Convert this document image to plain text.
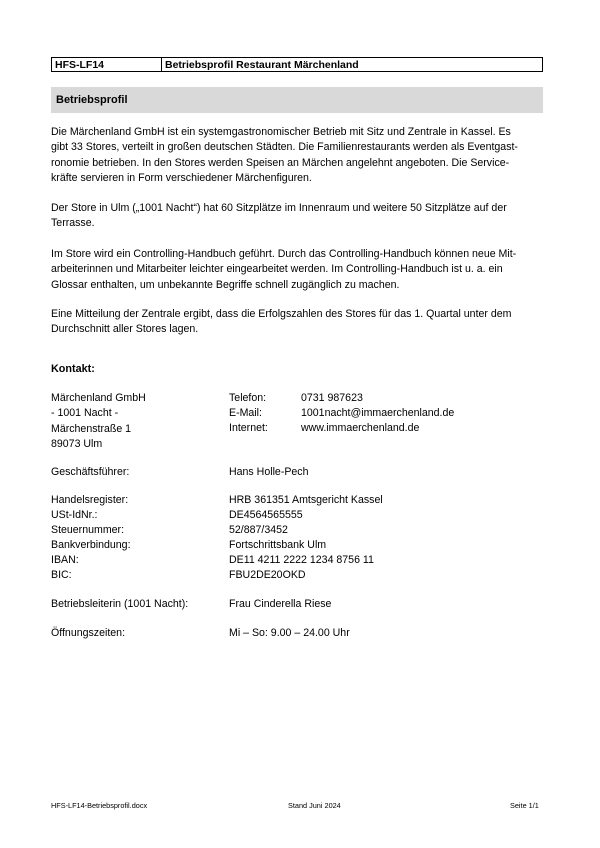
HFS-LF14	Betriebsprofil Restaurant Märchenland
Betriebsprofil
Die Märchenland GmbH ist ein systemgastronomischer Betrieb mit Sitz und Zentrale in Kassel. Es
gibt 33 Stores, verteilt in großen deutschen Städten. Die Familienrestaurants werden als Eventgast-
ronomie betrieben. In den Stores werden Speisen an Märchen angelehnt angeboten. Die Service-
kräfte servieren in Form verschiedener Märchenfiguren.
Der Store in Ulm („1001 Nacht“) hat 60 Sitzplätze im Innenraum und weitere 50 Sitzplätze auf der
Terrasse.
Im Store wird ein Controlling-Handbuch geführt. Durch das Controlling-Handbuch können neue Mit-
arbeiterinnen und Mitarbeiter leichter eingearbeitet werden. Im Controlling-Handbuch ist u. a. ein
Glossar enthalten, um unbekannte Begriffe schnell zugänglich zu machen.
Eine Mitteilung der Zentrale ergibt, dass die Erfolgszahlen des Stores für das 1. Quartal unter dem
Durchschnitt aller Stores lagen.
Kontakt:
Märchenland GmbH
- 1001 Nacht -
Märchenstraße 1
89073 Ulm
Telefon:	0731 987623
E-Mail:	1001nacht@immaerchenland.de
Internet:	www.immaerchenland.de
Geschäftsführer:	Hans Holle-Pech
Handelsregister:	HRB 361351 Amtsgericht Kassel
USt-IdNr.:	DE4564565555
Steuernummer:	52/887/3452
Bankverbindung:	Fortschrittsbank Ulm
IBAN:	DE11 4211 2222 1234 8756 11
BIC:	FBU2DE20OKD
Betriebsleiterin (1001 Nacht):	Frau Cinderella Riese
Öffnungszeiten:	Mi – So: 9.00 – 24.00 Uhr
HFS-LF14-Betriebsprofil.docx	Stand Juni 2024	Seite 1/1
